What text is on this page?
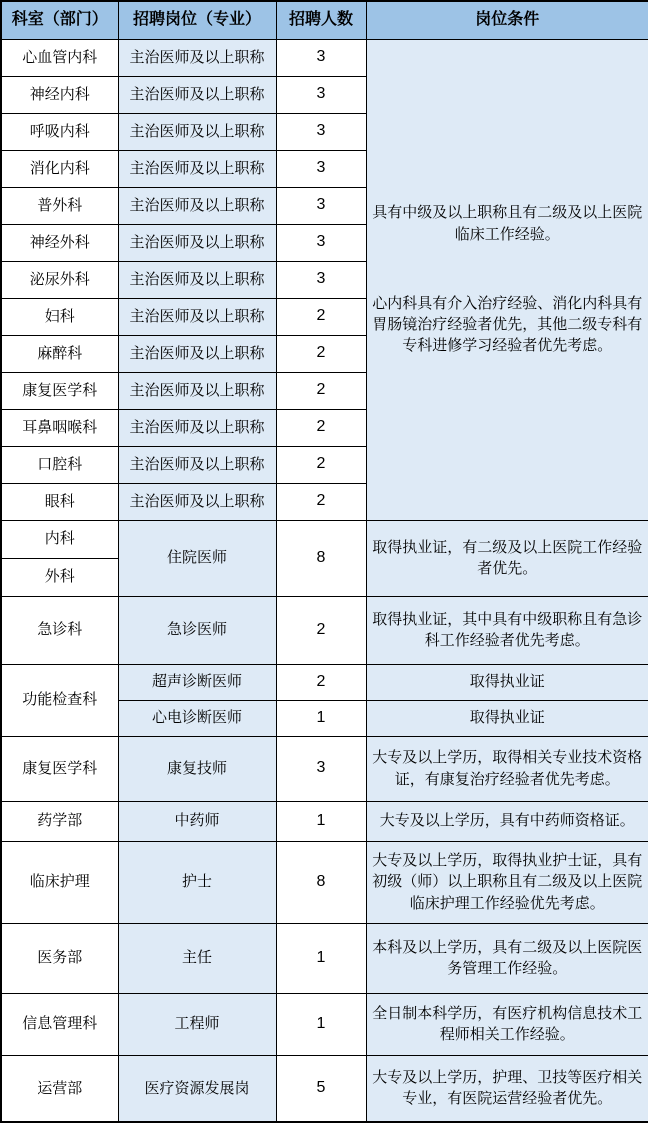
科室（部门）	招聘岗位（专业）	招聘人数	岗位条件
心血管内科	主治医师及以上职称	3	具有中级及以上职称且有二级及以上医院临床工作经验。
心内科具有介入治疗经验、消化内科具有胃肠镜治疗经验者优先，其他二级专科有专科进修学习经验者优先考虑。

神经内科	主治医师及以上职称	3	
呼吸内科	主治医师及以上职称	3	
消化内科	主治医师及以上职称	3	
普外科	主治医师及以上职称	3	
神经外科	主治医师及以上职称	3	
泌尿外科	主治医师及以上职称	3	
妇科	主治医师及以上职称	2	
麻醉科	主治医师及以上职称	2	
康复医学科	主治医师及以上职称	2	
耳鼻咽喉科	主治医师及以上职称	2	
口腔科	主治医师及以上职称	2	
眼科	主治医师及以上职称	2	
内科	住院医师	8	取得执业证，有二级及以上医院工作经验者优先。
外科			
急诊科	急诊医师	2	取得执业证，其中具有中级职称且有急诊科工作经验者优先考虑。
功能检查科	超声诊断医师	2	取得执业证
	心电诊断医师	1	取得执业证
康复医学科	康复技师	3	大专及以上学历，取得相关专业技术资格证，有康复治疗经验者优先考虑。
药学部	中药师	1	大专及以上学历，具有中药师资格证。
临床护理	护士	8	大专及以上学历，取得执业护士证，具有初级（师）以上职称且有二级及以上医院临床护理工作经验优先考虑。
医务部	主任	1	本科及以上学历，具有二级及以上医院医务管理工作经验。
信息管理科	工程师	1	全日制本科学历，有医疗机构信息技术工程师相关工作经验。
运营部	医疗资源发展岗	5	大专及以上学历，护理、卫技等医疗相关专业，有医院运营经验者优先。
